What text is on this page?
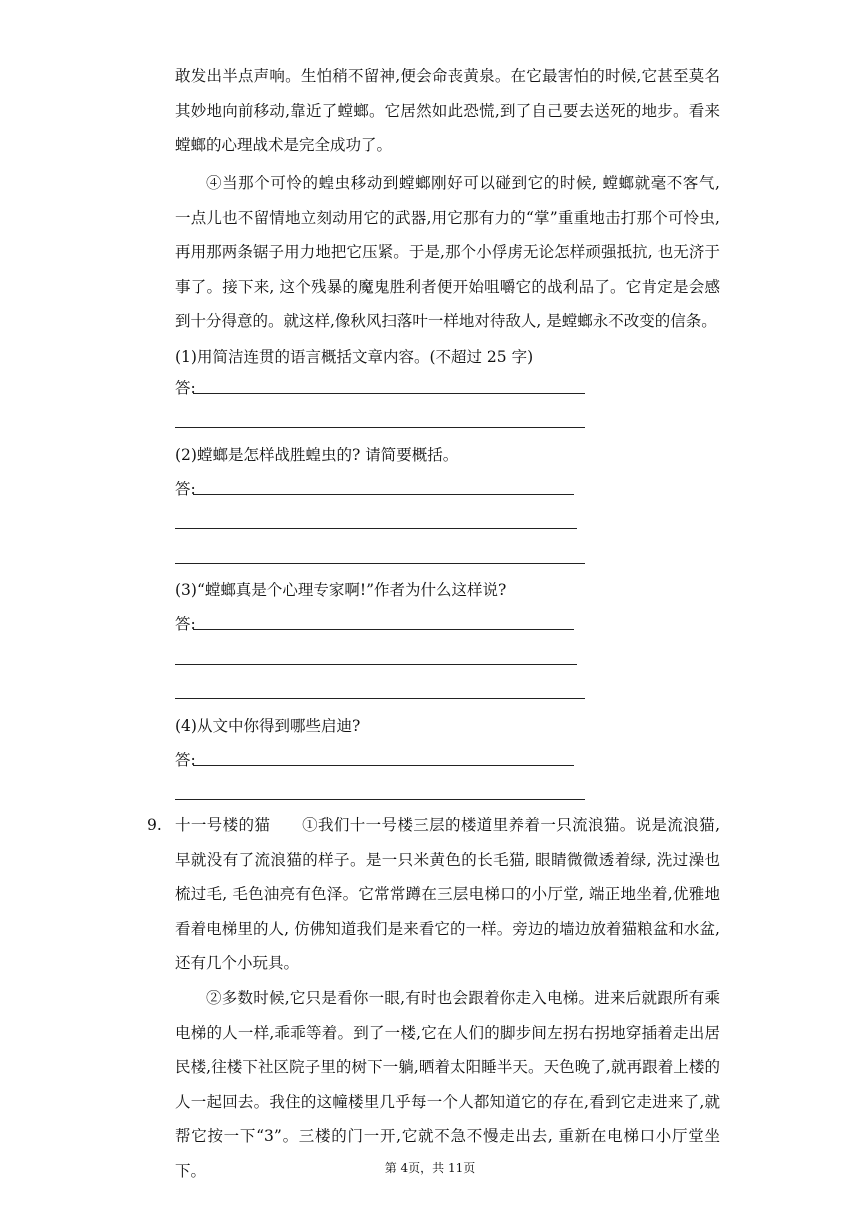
敢发出半点声响。生怕稍不留神,便会命丧黄泉。在它最害怕的时候,它甚至莫名其妙地向前移动,靠近了螳螂。它居然如此恐慌,到了自己要去送死的地步。看来螳螂的心理战术是完全成功了。

④当那个可怜的蝗虫移动到螳螂刚好可以碰到它的时候, 螳螂就毫不客气, 一点儿也不留情地立刻动用它的武器,用它那有力的“掌”重重地击打那个可怜虫,再用那两条锯子用力地把它压紧。于是,那个小俘虏无论怎样顽强抵抗, 也无济于事了。接下来, 这个残暴的魔鬼胜利者便开始咀嚼它的战利品了。它肯定是会感到十分得意的。就这样,像秋风扫落叶一样地对待敌人, 是螳螂永不改变的信条。

(1)用简洁连贯的语言概括文章内容。(不超过 25 字)

答:

(2)螳螂是怎样战胜蝗虫的? 请简要概括。

答:

(3)“螳螂真是个心理专家啊!”作者为什么这样说?

答:

(4)从文中你得到哪些启迪?

答:

9. 十一号楼的猫　　①我们十一号楼三层的楼道里养着一只流浪猫。说是流浪猫,早就没有了流浪猫的样子。是一只米黄色的长毛猫, 眼睛微微透着绿, 洗过澡也梳过毛, 毛色油亮有色泽。它常常蹲在三层电梯口的小厅堂, 端正地坐着,优雅地看着电梯里的人, 仿佛知道我们是来看它的一样。旁边的墙边放着猫粮盆和水盆, 还有几个小玩具。

②多数时候,它只是看你一眼,有时也会跟着你走入电梯。进来后就跟所有乘电梯的人一样,乖乖等着。到了一楼,它在人们的脚步间左拐右拐地穿插着走出居民楼,往楼下社区院子里的树下一躺,晒着太阳睡半天。天色晚了,就再跟着上楼的人一起回去。我住的这幢楼里几乎每一个人都知道它的存在,看到它走进来了,就帮它按一下“3”。三楼的门一开,它就不急不慢走出去, 重新在电梯口小厅堂坐下。	第 4页，共 11页
